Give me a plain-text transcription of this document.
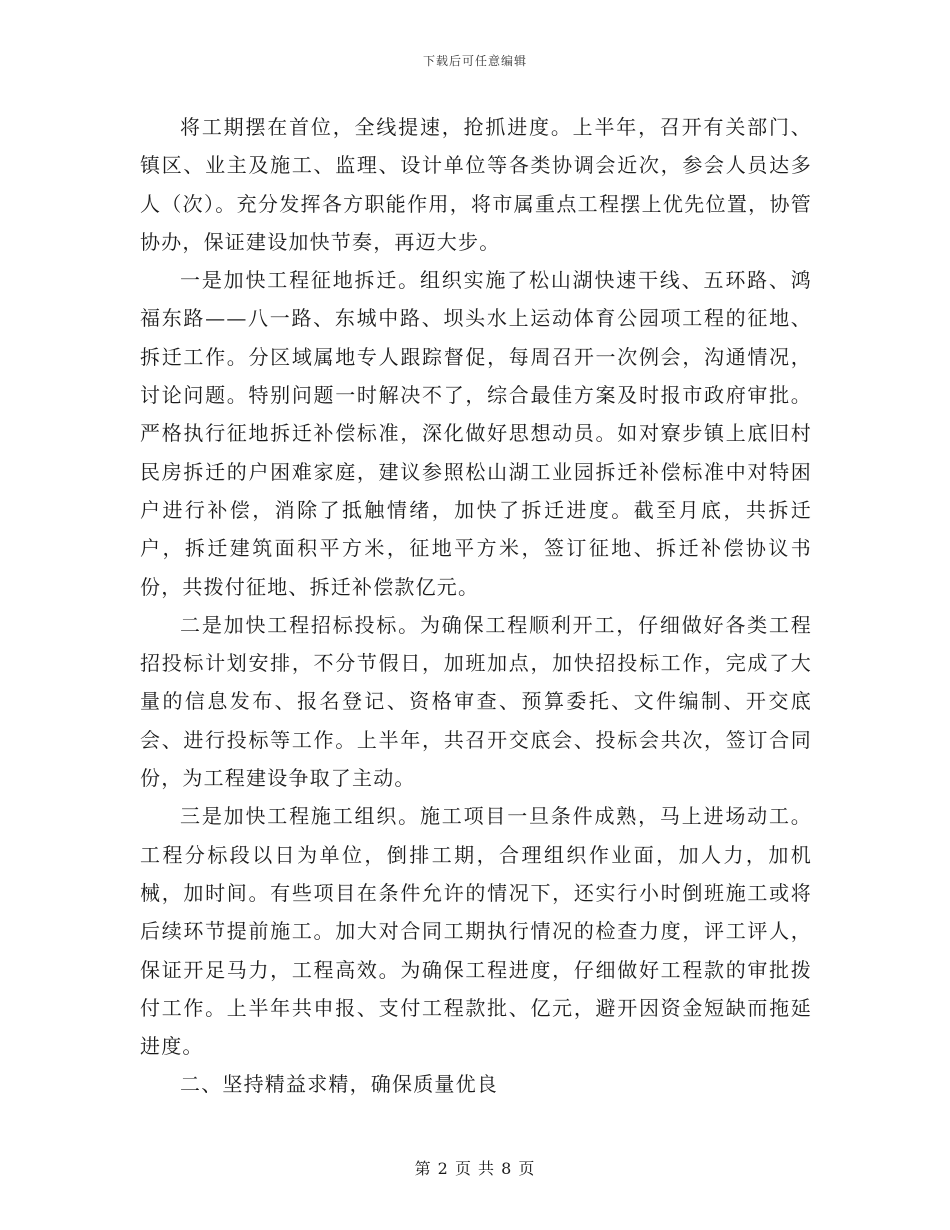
下载后可任意编辑

将工期摆在首位，全线提速，抢抓进度。上半年，召开有关部门、镇区、业主及施工、监理、设计单位等各类协调会近次，参会人员达多人（次）。充分发挥各方职能作用，将市属重点工程摆上优先位置，协管协办，保证建设加快节奏，再迈大步。

一是加快工程征地拆迁。组织实施了松山湖快速干线、五环路、鸿福东路——八一路、东城中路、坝头水上运动体育公园项工程的征地、拆迁工作。分区域属地专人跟踪督促，每周召开一次例会，沟通情况，讨论问题。特别问题一时解决不了，综合最佳方案及时报市政府审批。严格执行征地拆迁补偿标准，深化做好思想动员。如对寮步镇上底旧村民房拆迁的户困难家庭，建议参照松山湖工业园拆迁补偿标准中对特困户进行补偿，消除了抵触情绪，加快了拆迁进度。截至月底，共拆迁户，拆迁建筑面积平方米，征地平方米，签订征地、拆迁补偿协议书份，共拨付征地、拆迁补偿款亿元。

二是加快工程招标投标。为确保工程顺利开工，仔细做好各类工程招投标计划安排，不分节假日，加班加点，加快招投标工作，完成了大量的信息发布、报名登记、资格审查、预算委托、文件编制、开交底会、进行投标等工作。上半年，共召开交底会、投标会共次，签订合同份，为工程建设争取了主动。

三是加快工程施工组织。施工项目一旦条件成熟，马上进场动工。工程分标段以日为单位，倒排工期，合理组织作业面，加人力，加机械，加时间。有些项目在条件允许的情况下，还实行小时倒班施工或将后续环节提前施工。加大对合同工期执行情况的检查力度，评工评人，保证开足马力，工程高效。为确保工程进度，仔细做好工程款的审批拨付工作。上半年共申报、支付工程款批、亿元，避开因资金短缺而拖延进度。

二、坚持精益求精，确保质量优良

第 2 页 共 8 页
